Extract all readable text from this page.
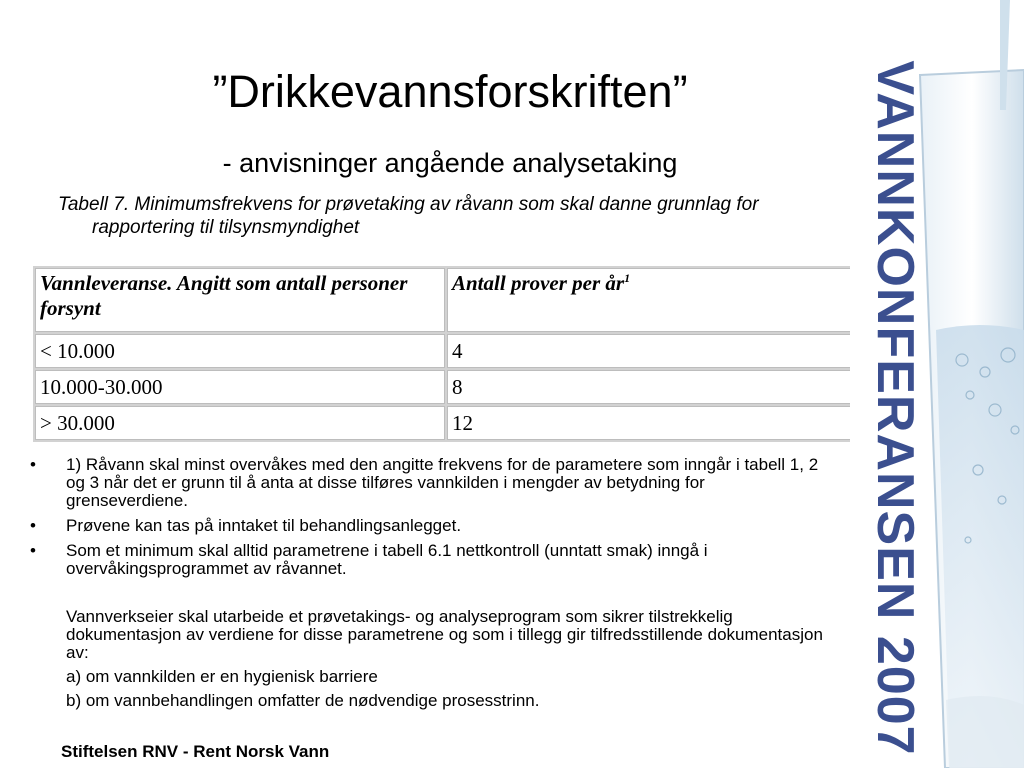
”Drikkevannsforskriften”
- anvisninger angående analysetaking
Tabell 7. Minimumsfrekvens for prøvetaking av råvann som skal danne grunnlag for rapportering til tilsynsmyndighet
Vannleveranse. Angitt som antall personer forsynt	Antall prover per $år^1$
< 10.000	4
10.000-30.000	8
> 30.000	12
• 1) Råvann skal minst overvåkes med den angitte frekvens for de parametere som inngår i tabell 1, 2 og 3 når det er grunn til å anta at disse tilføres vannkilden i mengder av betydning for grenseverdiene.
• Prøvene kan tas på inntaket til behandlingsanlegget.
• Som et minimum skal alltid parametrene i tabell 6.1 nettkontroll (unntatt smak) inngå i overvåkingsprogrammet av råvannet.
Vannverkseier skal utarbeide et prøvetakings- og analyseprogram som sikrer tilstrekkelig dokumentasjon av verdiene for disse parametrene og som i tillegg gir tilfredsstillende dokumentasjon av:
a) om vannkilden er en hygienisk barriere
b) om vannbehandlingen omfatter de nødvendige prosesstrinn.
Stiftelsen RNV - Rent Norsk Vann	VANNKONFERANSEN 2007
